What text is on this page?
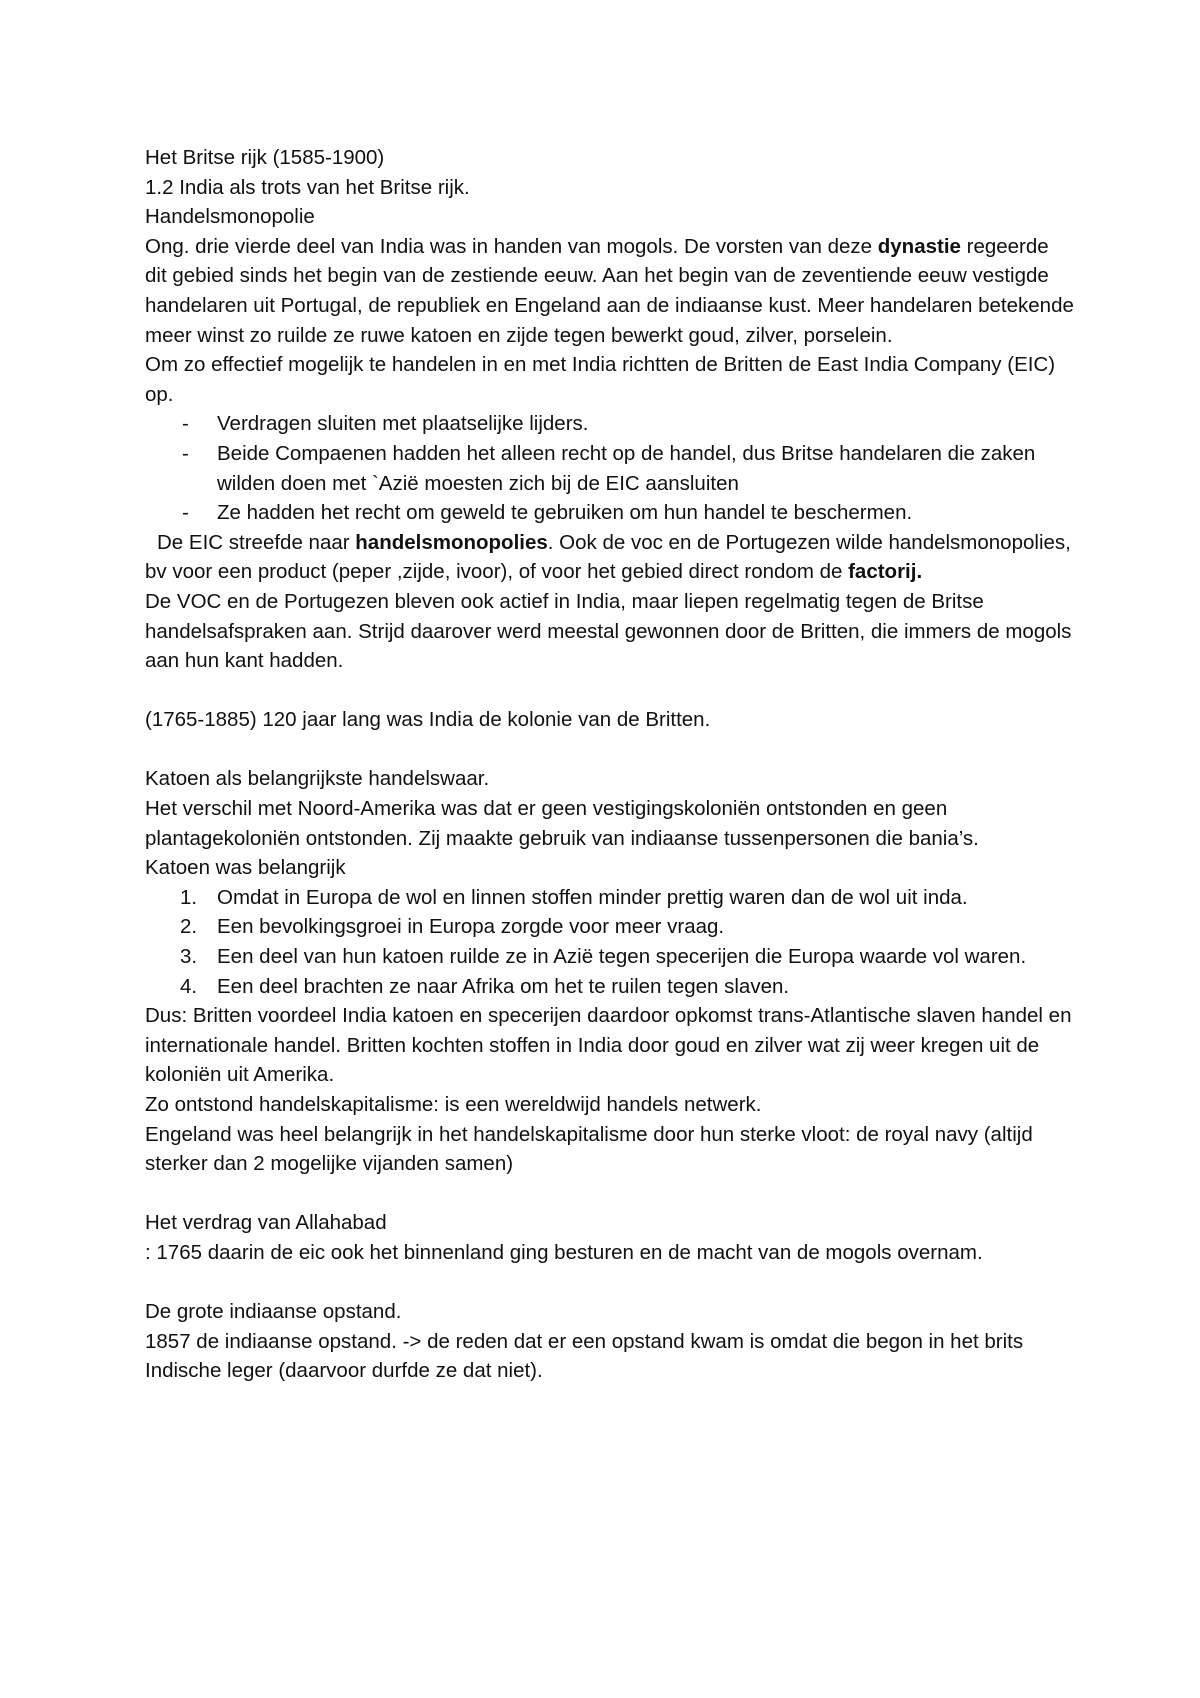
Het Britse rijk (1585-1900)

1.2 India als trots van het Britse rijk.

Handelsmonopolie

Ong. drie vierde deel van India was in handen van mogols. De vorsten van deze dynastie regeerde dit gebied sinds het begin van de zestiende eeuw. Aan het begin van de zeventiende eeuw vestigde handelaren uit Portugal, de republiek en Engeland aan de indiaanse kust. Meer handelaren betekende meer winst zo ruilde ze ruwe katoen en zijde tegen bewerkt goud, zilver, porselein.

Om zo effectief mogelijk te handelen in en met India richtten de Britten de East India Company (EIC) op.

- Verdragen sluiten met plaatselijke lijders.
- Beide Compaenen hadden het alleen recht op de handel, dus Britse handelaren die zaken wilden doen met `Azië moesten zich bij de EIC aansluiten
- Ze hadden het recht om geweld te gebruiken om hun handel te beschermen.

De EIC streefde naar handelsmonopolies. Ook de voc en de Portugezen wilde handelsmonopolies, bv voor een product (peper ,zijde, ivoor), of voor het gebied direct rondom de factorij.

De VOC en de Portugezen bleven ook actief in India, maar liepen regelmatig tegen de Britse handelsafspraken aan. Strijd daarover werd meestal gewonnen door de Britten, die immers de mogols aan hun kant hadden.

(1765-1885) 120 jaar lang was India de kolonie van de Britten.

Katoen als belangrijkste handelswaar.

Het verschil met Noord-Amerika was dat er geen vestigingskoloniën ontstonden en geen plantagekoloniën ontstonden. Zij maakte gebruik van indiaanse tussenpersonen die bania’s.

Katoen was belangrijk

1. Omdat in Europa de wol en linnen stoffen minder prettig waren dan de wol uit inda.
2. Een bevolkingsgroei in Europa zorgde voor meer vraag.
3. Een deel van hun katoen ruilde ze in Azië tegen specerijen die Europa waarde vol waren.
4. Een deel brachten ze naar Afrika om het te ruilen tegen slaven.

Dus: Britten voordeel India katoen en specerijen daardoor opkomst trans-Atlantische slaven handel en internationale handel. Britten kochten stoffen in India door goud en zilver wat zij weer kregen uit de koloniën uit Amerika.

Zo ontstond handelskapitalisme: is een wereldwijd handels netwerk.

Engeland was heel belangrijk in het handelskapitalisme door hun sterke vloot: de royal navy (altijd sterker dan 2 mogelijke vijanden samen)

Het verdrag van Allahabad

: 1765 daarin de eic ook het binnenland ging besturen en de macht van de mogols overnam.

De grote indiaanse opstand.

1857 de indiaanse opstand. -> de reden dat er een opstand kwam is omdat die begon in het brits Indische leger (daarvoor durfde ze dat niet).
